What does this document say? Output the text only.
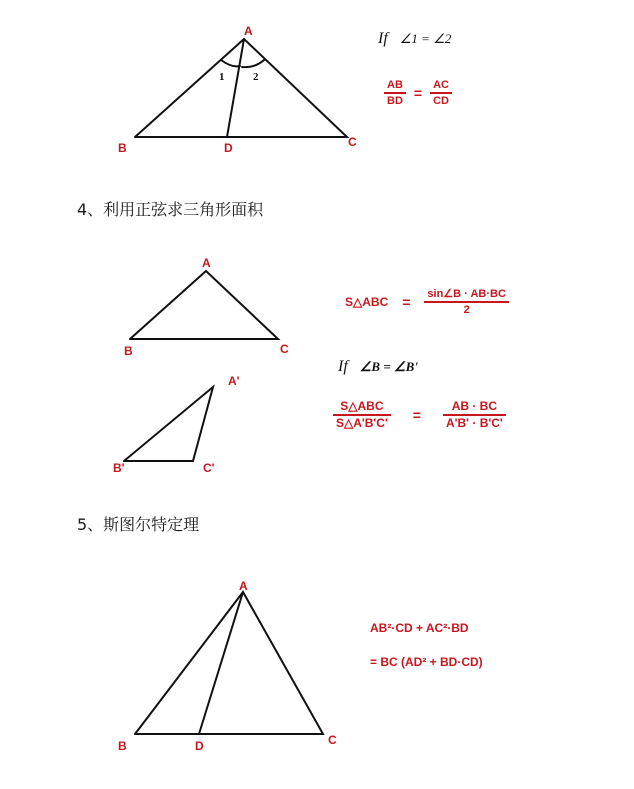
A
B	C
D
1	2
If ∠1 = ∠2
$\frac{AB}{BD} = \frac{AC}{CD}$
4、利用正弦求三角形面积
A
B	C
A'
B'	C'
S△ABC = $\frac{\sin\angle B \cdot AB\cdot BC}{2}$
If ∠B = ∠B'
$\frac{\text{S△ABC}}{S\triangle A'B'C'} = \frac{AB \cdot BC}{A'B' \cdot B'C'}$
5、斯图尔特定理
A
B	C
D
AB²·CD + AC²·BD
= BC (AD² + BD·CD)
